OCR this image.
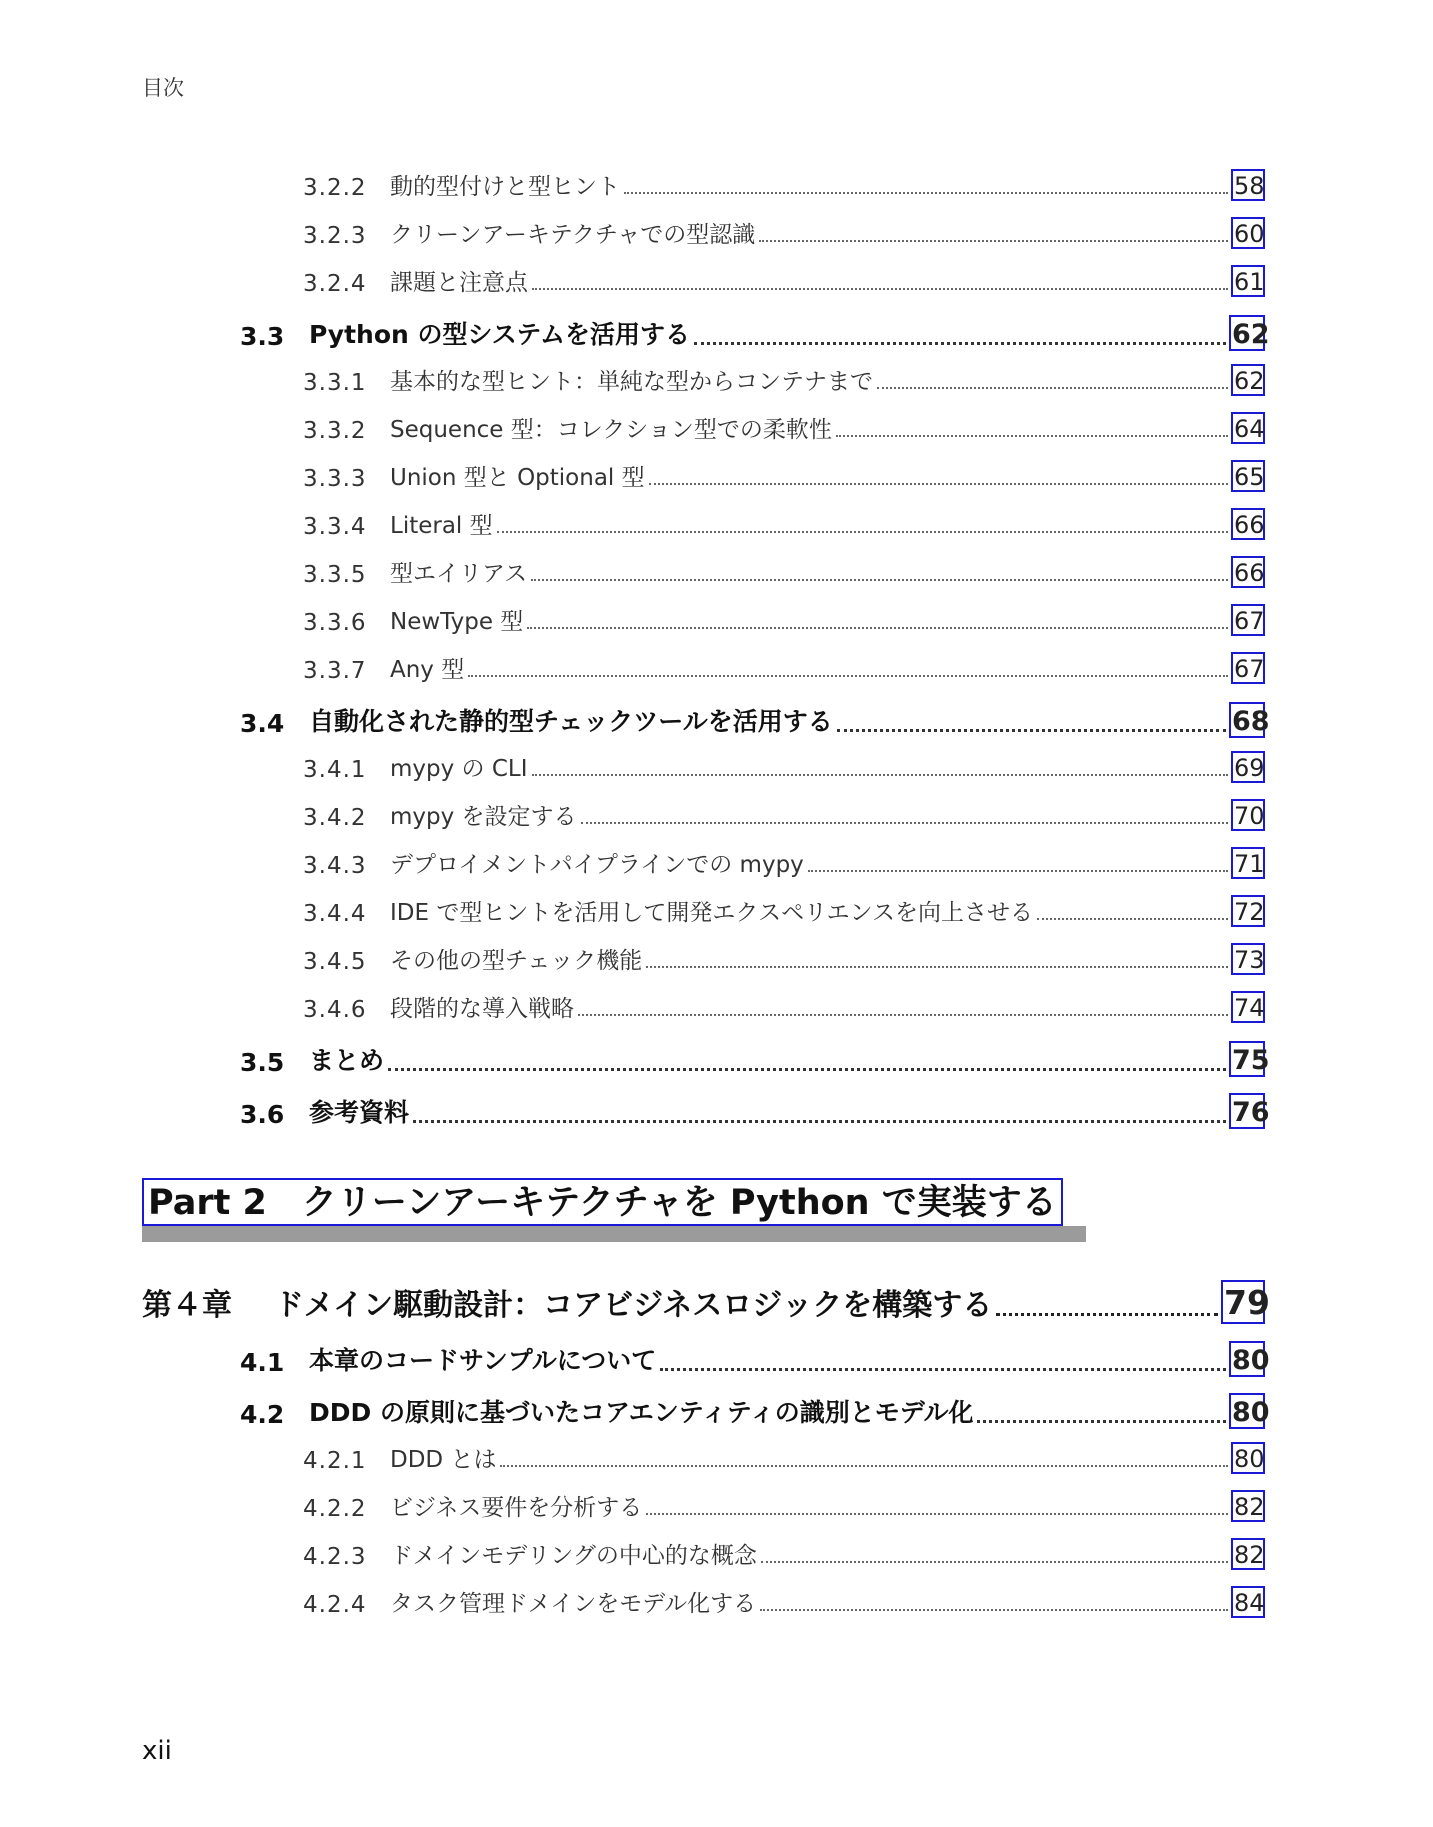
目次
3.2.2	動的型付けと型ヒント	58
3.2.3	クリーンアーキテクチャでの型認識	60
3.2.4	課題と注意点	61
3.3 Python の型システムを活用する	62
3.3.1	基本的な型ヒント：単純な型からコンテナまで	62
3.3.2	Sequence 型：コレクション型での柔軟性	64
3.3.3	Union 型と Optional 型	65
3.3.4	Literal 型	66
3.3.5	型エイリアス	66
3.3.6	NewType 型	67
3.3.7	Any 型	67
3.4 自動化された静的型チェックツールを活用する	68
3.4.1	mypy の CLI	69
3.4.2	mypy を設定する	70
3.4.3	デプロイメントパイプラインでの mypy	71
3.4.4	IDE で型ヒントを活用して開発エクスペリエンスを向上させる	72
3.4.5	その他の型チェック機能	73
3.4.6	段階的な導入戦略	74
3.5 まとめ	75
3.6 参考資料	76
Part 2　 クリーンアーキテクチャを Python で実装する
第４章	ドメイン駆動設計：コアビジネスロジックを構築する	79
4.1 本章のコードサンプルについて	80
4.2 DDD の原則に基づいたコアエンティティの識別とモデル化	80
4.2.1	DDD とは	80
4.2.2	ビジネス要件を分析する	82
4.2.3	ドメインモデリングの中心的な概念	82
4.2.4	タスク管理ドメインをモデル化する	84
xii
